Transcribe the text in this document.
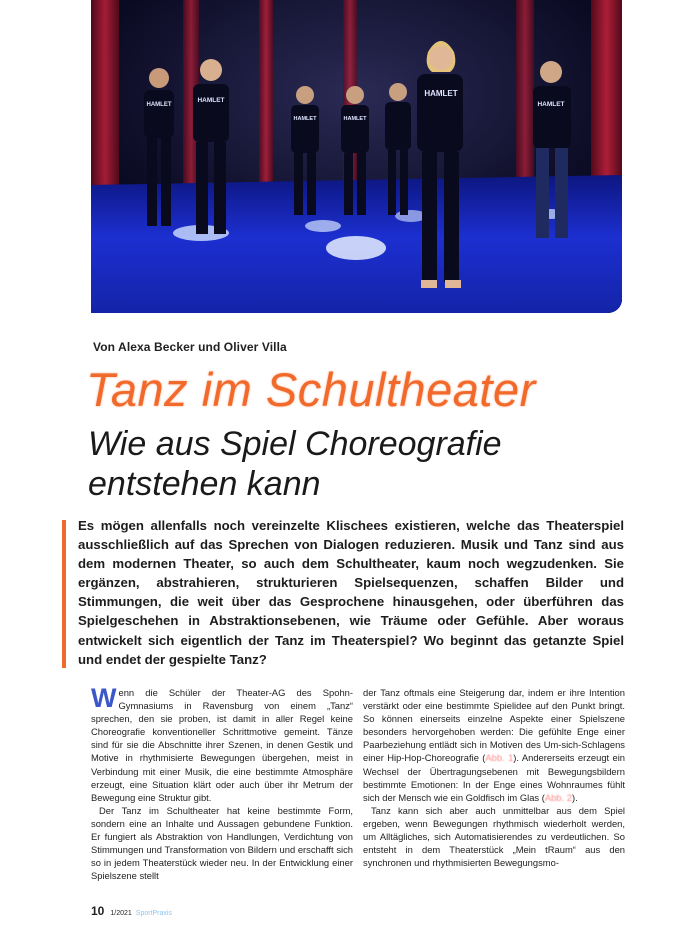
HAMLET
HAMLET
HAMLET	HAMLET
HAMLET
HAMLET
Von Alexa Becker und Oliver Villa
Tanz im Schultheater
Wie aus Spiel Choreografie
entstehen kann
Es mögen allenfalls noch vereinzelte Klischees existieren, welche das Theaterspiel ausschließlich auf das Sprechen von Dialogen reduzieren. Musik und Tanz sind aus dem modernen Theater, so auch dem Schultheater, kaum noch wegzudenken. Sie ergänzen, abstrahieren, strukturieren Spielsequenzen, schaffen Bilder und Stimmungen, die weit über das Gesprochene hinausgehen, oder überführen das Spielgeschehen in Abstraktionsebenen, wie Träume oder Gefühle. Aber woraus entwickelt sich eigentlich der Tanz im Theaterspiel? Wo beginnt das getanzte Spiel und endet der gespielte Tanz?

Wenn die Schüler der Theater-AG des Spohn-Gymnasiums in Ravensburg von einem „Tanz“ sprechen, den sie proben, ist damit in aller Regel keine Choreografie konventioneller Schrittmotive gemeint. Tänze sind für sie die Abschnitte ihrer Szenen, in denen Gestik und Motive in rhythmisierte Bewegungen übergehen, meist in Verbindung mit einer Musik, die eine bestimmte Atmosphäre erzeugt, eine Situation klärt oder auch über ihr Metrum der Bewegung eine Struktur gibt.

Der Tanz im Schultheater hat keine bestimmte Form, sondern eine an Inhalte und Aussagen gebundene Funktion. Er fungiert als Abstraktion von Handlungen, Verdichtung von Stimmungen und Transformation von Bildern und erschafft sich so in jedem Theaterstück wieder neu. In der Entwicklung einer Spielszene stellt

der Tanz oftmals eine Steigerung dar, indem er ihre Intention verstärkt oder eine bestimmte Spielidee auf den Punkt bringt. So können einerseits einzelne Aspekte einer Spielszene besonders hervorgehoben werden: Die gefühlte Enge einer Paarbeziehung entlädt sich in Motiven des Um-sich-Schlagens einer Hip-Hop-Choreografie (Abb. 1). Andererseits erzeugt ein Wechsel der Übertragungsebenen mit Bewegungsbildern bestimmte Emotionen: In der Enge eines Wohnraumes fühlt sich der Mensch wie ein Goldfisch im Glas (Abb. 2).

Tanz kann sich aber auch unmittelbar aus dem Spiel ergeben, wenn Bewegungen rhythmisch wiederholt werden, um Alltägliches, sich Automatisierendes zu verdeutlichen. So entsteht in dem Theaterstück „Mein tRaum“ aus den synchronen und rhythmisierten Bewegungsmo-

10 1/2021 SportPraxis
